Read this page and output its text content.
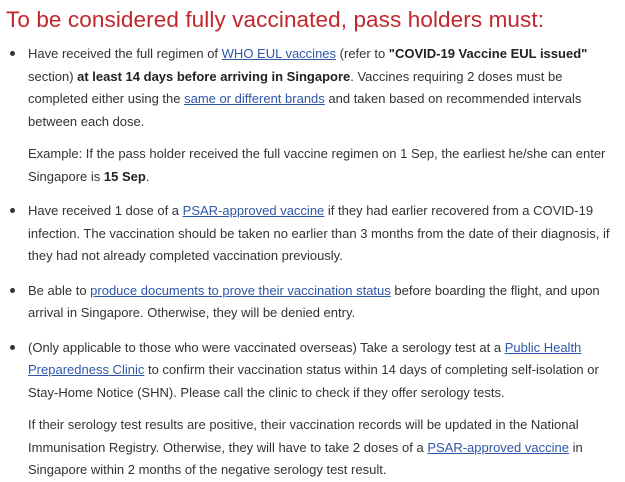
To be considered fully vaccinated, pass holders must:

Have received the full regimen of WHO EUL vaccines (refer to "COVID-19 Vaccine EUL issued" section) at least 14 days before arriving in Singapore. Vaccines requiring 2 doses must be completed either using the same or different brands and taken based on recommended intervals between each dose.

Example: If the pass holder received the full vaccine regimen on 1 Sep, the earliest he/she can enter Singapore is 15 Sep.

Have received 1 dose of a PSAR-approved vaccine if they had earlier recovered from a COVID-19 infection. The vaccination should be taken no earlier than 3 months from the date of their diagnosis, if they had not already completed vaccination previously.

Be able to produce documents to prove their vaccination status before boarding the flight, and upon arrival in Singapore. Otherwise, they will be denied entry.

(Only applicable to those who were vaccinated overseas) Take a serology test at a Public Health Preparedness Clinic to confirm their vaccination status within 14 days of completing self-isolation or Stay-Home Notice (SHN). Please call the clinic to check if they offer serology tests.

If their serology test results are positive, their vaccination records will be updated in the National Immunisation Registry. Otherwise, they will have to take 2 doses of a PSAR-approved vaccine in Singapore within 2 months of the negative serology test result.
